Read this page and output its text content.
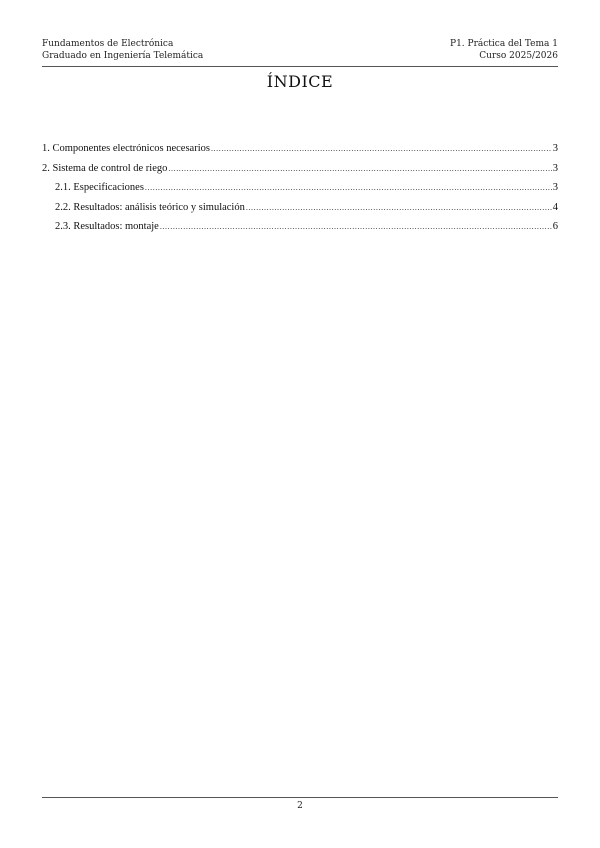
Fundamentos de Electrónica	P1. Práctica del Tema 1
Graduado en Ingeniería Telemática	Curso 2025/2026
ÍNDICE
1. Componentes electrónicos necesarios .....	3
2. Sistema de control de riego .....	3
2.1. Especificaciones .....	3
2.2. Resultados: análisis teórico y simulación .....	4
2.3. Resultados: montaje .....	6
2
